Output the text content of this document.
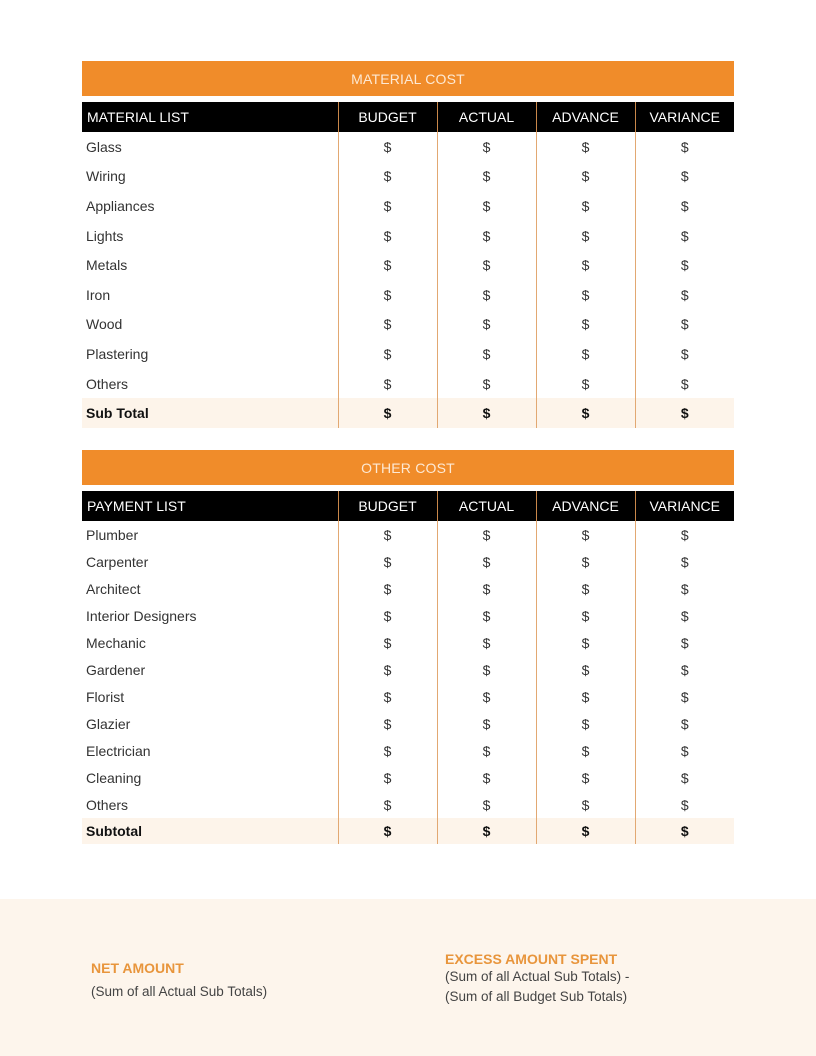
MATERIAL COST
MATERIAL LIST	BUDGET	ACTUAL	ADVANCE	VARIANCE
Glass	$	$	$	$
Wiring	$	$	$	$
Appliances	$	$	$	$
Lights	$	$	$	$
Metals	$	$	$	$
Iron	$	$	$	$
Wood	$	$	$	$
Plastering	$	$	$	$
Others	$	$	$	$
Sub Total	$	$	$	$
OTHER COST
PAYMENT LIST	BUDGET	ACTUAL	ADVANCE	VARIANCE
Plumber	$	$	$	$
Carpenter	$	$	$	$
Architect	$	$	$	$
Interior Designers	$	$	$	$
Mechanic	$	$	$	$
Gardener	$	$	$	$
Florist	$	$	$	$
Glazier	$	$	$	$
Electrician	$	$	$	$
Cleaning	$	$	$	$
Others	$	$	$	$
Subtotal	$	$	$	$
NET AMOUNT
(Sum of all Actual Sub Totals)
EXCESS AMOUNT SPENT
(Sum of all Actual Sub Totals) -
(Sum of all Budget Sub Totals)
